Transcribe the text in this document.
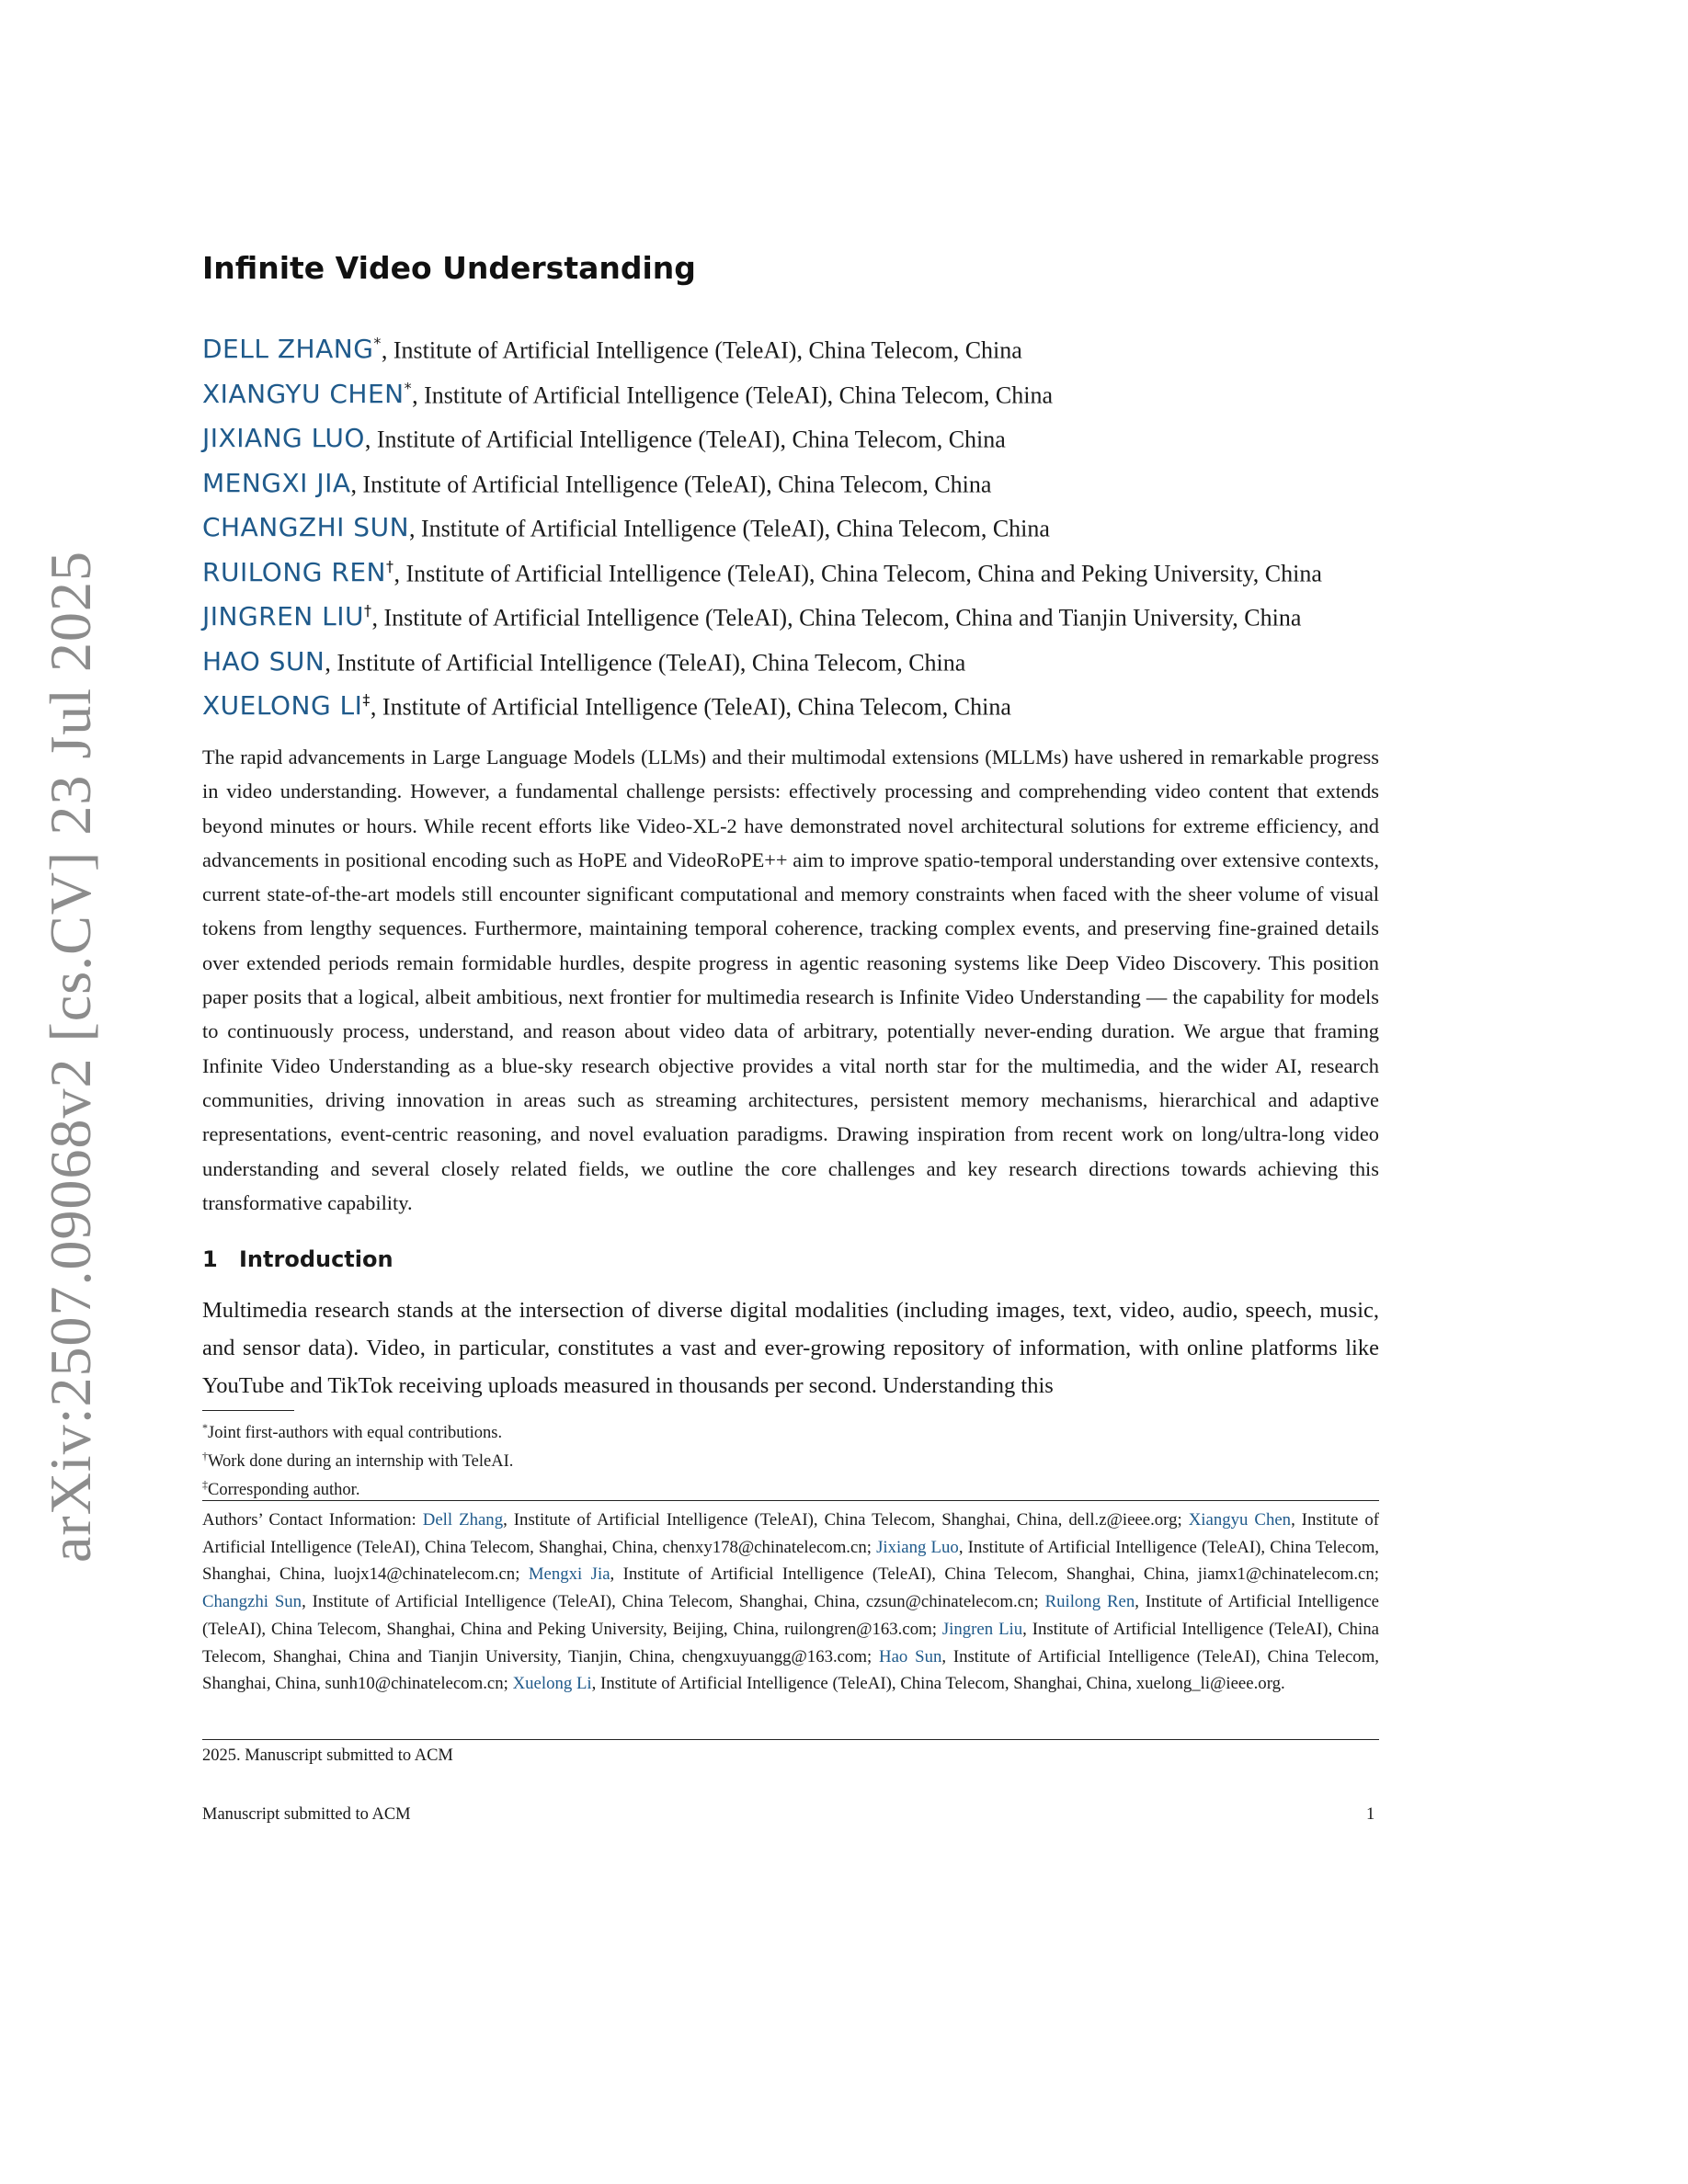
arXiv:2507.09068v2 [cs.CV] 23 Jul 2025
Infinite Video Understanding
DELL ZHANG*, Institute of Artificial Intelligence (TeleAI), China Telecom, China
XIANGYU CHEN*, Institute of Artificial Intelligence (TeleAI), China Telecom, China
JIXIANG LUO, Institute of Artificial Intelligence (TeleAI), China Telecom, China
MENGXI JIA, Institute of Artificial Intelligence (TeleAI), China Telecom, China
CHANGZHI SUN, Institute of Artificial Intelligence (TeleAI), China Telecom, China
RUILONG REN†, Institute of Artificial Intelligence (TeleAI), China Telecom, China and Peking University, China
JINGREN LIU†, Institute of Artificial Intelligence (TeleAI), China Telecom, China and Tianjin University, China
HAO SUN, Institute of Artificial Intelligence (TeleAI), China Telecom, China
XUELONG LI‡, Institute of Artificial Intelligence (TeleAI), China Telecom, China

The rapid advancements in Large Language Models (LLMs) and their multimodal extensions (MLLMs) have ushered in remarkable progress in video understanding. However, a fundamental challenge persists: effectively processing and comprehending video content that extends beyond minutes or hours. While recent efforts like Video-XL-2 have demonstrated novel architectural solutions for extreme efficiency, and advancements in positional encoding such as HoPE and VideoRoPE++ aim to improve spatio-temporal understanding over extensive contexts, current state-of-the-art models still encounter significant computational and memory constraints when faced with the sheer volume of visual tokens from lengthy sequences. Furthermore, maintaining temporal coherence, tracking complex events, and preserving fine-grained details over extended periods remain formidable hurdles, despite progress in agentic reasoning systems like Deep Video Discovery. This position paper posits that a logical, albeit ambitious, next frontier for multimedia research is Infinite Video Understanding — the capability for models to continuously process, understand, and reason about video data of arbitrary, potentially never-ending duration. We argue that framing Infinite Video Understanding as a blue-sky research objective provides a vital north star for the multimedia, and the wider AI, research communities, driving innovation in areas such as streaming architectures, persistent memory mechanisms, hierarchical and adaptive representations, event-centric reasoning, and novel evaluation paradigms. Drawing inspiration from recent work on long/ultra-long video understanding and several closely related fields, we outline the core challenges and key research directions towards achieving this transformative capability.

1 Introduction

Multimedia research stands at the intersection of diverse digital modalities (including images, text, video, audio, speech, music, and sensor data). Video, in particular, constitutes a vast and ever-growing repository of information, with online platforms like YouTube and TikTok receiving uploads measured in thousands per second. Understanding this

*Joint first-authors with equal contributions.
†Work done during an internship with TeleAI.
‡Corresponding author.

Authors’ Contact Information: Dell Zhang, Institute of Artificial Intelligence (TeleAI), China Telecom, Shanghai, China, dell.z@ieee.org; Xiangyu Chen, Institute of Artificial Intelligence (TeleAI), China Telecom, Shanghai, China, chenxy178@chinatelecom.cn; Jixiang Luo, Institute of Artificial Intelligence (TeleAI), China Telecom, Shanghai, China, luojx14@chinatelecom.cn; Mengxi Jia, Institute of Artificial Intelligence (TeleAI), China Telecom, Shanghai, China, jiamx1@chinatelecom.cn; Changzhi Sun, Institute of Artificial Intelligence (TeleAI), China Telecom, Shanghai, China, czsun@chinatelecom.cn; Ruilong Ren, Institute of Artificial Intelligence (TeleAI), China Telecom, Shanghai, China and Peking University, Beijing, China, ruilongren@163.com; Jingren Liu, Institute of Artificial Intelligence (TeleAI), China Telecom, Shanghai, China and Tianjin University, Tianjin, China, chengxuyuangg@163.com; Hao Sun, Institute of Artificial Intelligence (TeleAI), China Telecom, Shanghai, China, sunh10@chinatelecom.cn; Xuelong Li, Institute of Artificial Intelligence (TeleAI), China Telecom, Shanghai, China, xuelong_li@ieee.org.

2025. Manuscript submitted to ACM
Manuscript submitted to ACM	1
